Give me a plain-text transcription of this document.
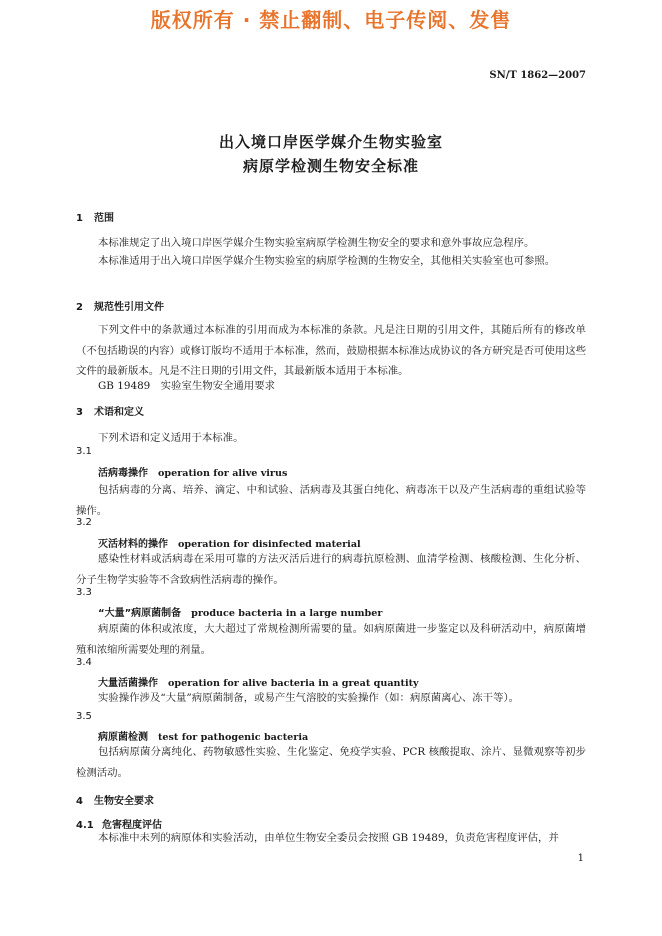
版权所有 · 禁止翻制、电子传阅、发售
SN/T 1862—2007
出入境口岸医学媒介生物实验室
病原学检测生物安全标准
1 范围
本标准规定了出入境口岸医学媒介生物实验室病原学检测生物安全的要求和意外事故应急程序。
本标准适用于出入境口岸医学媒介生物实验室的病原学检测的生物安全，其他相关实验室也可参照。
2 规范性引用文件
下列文件中的条款通过本标准的引用而成为本标准的条款。凡是注日期的引用文件，其随后所有的修改单（不包括勘误的内容）或修订版均不适用于本标准，然而，鼓励根据本标准达成协议的各方研究是否可使用这些文件的最新版本。凡是不注日期的引用文件，其最新版本适用于本标准。
GB 19489　实验室生物安全通用要求
3 术语和定义
下列术语和定义适用于本标准。
3.1
活病毒操作 operation for alive virus
包括病毒的分离、培养、滴定、中和试验、活病毒及其蛋白纯化、病毒冻干以及产生活病毒的重组试验等操作。
3.2
灭活材料的操作 operation for disinfected material
感染性材料或活病毒在采用可靠的方法灭活后进行的病毒抗原检测、血清学检测、核酸检测、生化分析、分子生物学实验等不含致病性活病毒的操作。
3.3
“大量”病原菌制备 produce bacteria in a large number
病原菌的体积或浓度，大大超过了常规检测所需要的量。如病原菌进一步鉴定以及科研活动中，病原菌增殖和浓缩所需要处理的剂量。
3.4
大量活菌操作 operation for alive bacteria in a great quantity
实验操作涉及“大量”病原菌制备，或易产生气溶胶的实验操作（如：病原菌离心、冻干等）。
3.5
病原菌检测 test for pathogenic bacteria
包括病原菌分离纯化、药物敏感性实验、生化鉴定、免疫学实验、PCR 核酸提取、涂片、显微观察等初步检测活动。
4 生物安全要求
4.1 危害程度评估
本标准中未列的病原体和实验活动，由单位生物安全委员会按照 GB 19489，负责危害程度评估，并
1
